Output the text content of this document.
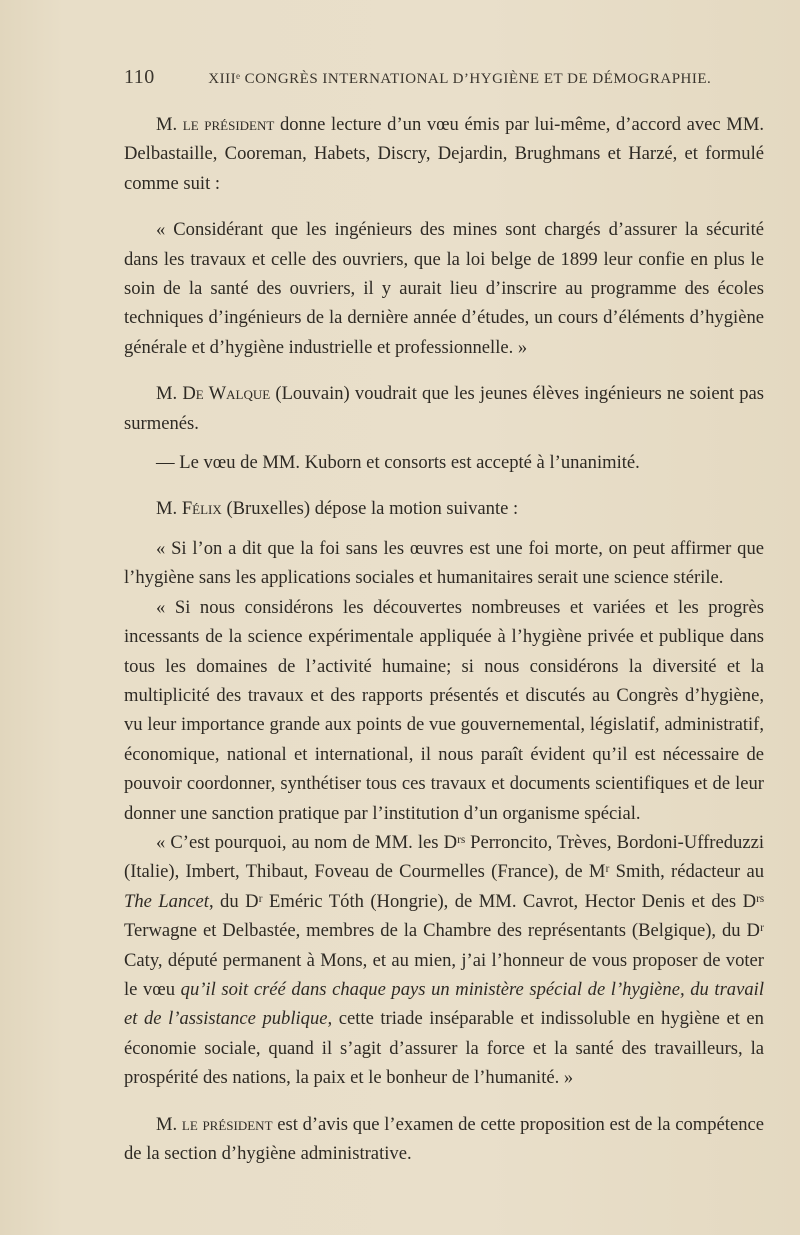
110	XIIIᵉ CONGRÈS INTERNATIONAL D’HYGIÈNE ET DE DÉMOGRAPHIE.

M. le président donne lecture d’un vœu émis par lui-même, d’accord avec MM. Delbastaille, Cooreman, Habets, Discry, Dejardin, Brughmans et Harzé, et formulé comme suit :

« Considérant que les ingénieurs des mines sont chargés d’assurer la sécurité dans les travaux et celle des ouvriers, que la loi belge de 1899 leur confie en plus le soin de la santé des ouvriers, il y aurait lieu d’inscrire au programme des écoles techniques d’ingénieurs de la dernière année d’études, un cours d’éléments d’hygiène générale et d’hygiène industrielle et professionnelle. »

M. De Walque (Louvain) voudrait que les jeunes élèves ingénieurs ne soient pas surmenés.

— Le vœu de MM. Kuborn et consorts est accepté à l’unanimité.

M. Félix (Bruxelles) dépose la motion suivante :

« Si l’on a dit que la foi sans les œuvres est une foi morte, on peut affirmer que l’hygiène sans les applications sociales et humanitaires serait une science stérile.

« Si nous considérons les découvertes nombreuses et variées et les progrès incessants de la science expérimentale appliquée à l’hygiène privée et publique dans tous les domaines de l’activité humaine; si nous considérons la diversité et la multiplicité des travaux et des rapports présentés et discutés au Congrès d’hygiène, vu leur importance grande aux points de vue gouvernemental, législatif, administratif, économique, national et international, il nous paraît évident qu’il est nécessaire de pouvoir coordonner, synthétiser tous ces travaux et documents scientifiques et de leur donner une sanction pratique par l’institution d’un organisme spécial.

« C’est pourquoi, au nom de MM. les Dʳˢ Perroncito, Trèves, Bordoni-Uffreduzzi (Italie), Imbert, Thibaut, Foveau de Courmelles (France), de Mʳ Smith, rédacteur au The Lancet, du Dʳ Eméric Tóth (Hongrie), de MM. Cavrot, Hector Denis et des Dʳˢ Terwagne et Delbastée, membres de la Chambre des représentants (Belgique), du Dʳ Caty, député permanent à Mons, et au mien, j’ai l’honneur de vous proposer de voter le vœu qu’il soit créé dans chaque pays un ministère spécial de l’hygiène, du travail et de l’assistance publique, cette triade inséparable et indissoluble en hygiène et en économie sociale, quand il s’agit d’assurer la force et la santé des travailleurs, la prospérité des nations, la paix et le bonheur de l’humanité. »

M. le président est d’avis que l’examen de cette proposition est de la compétence de la section d’hygiène administrative.
